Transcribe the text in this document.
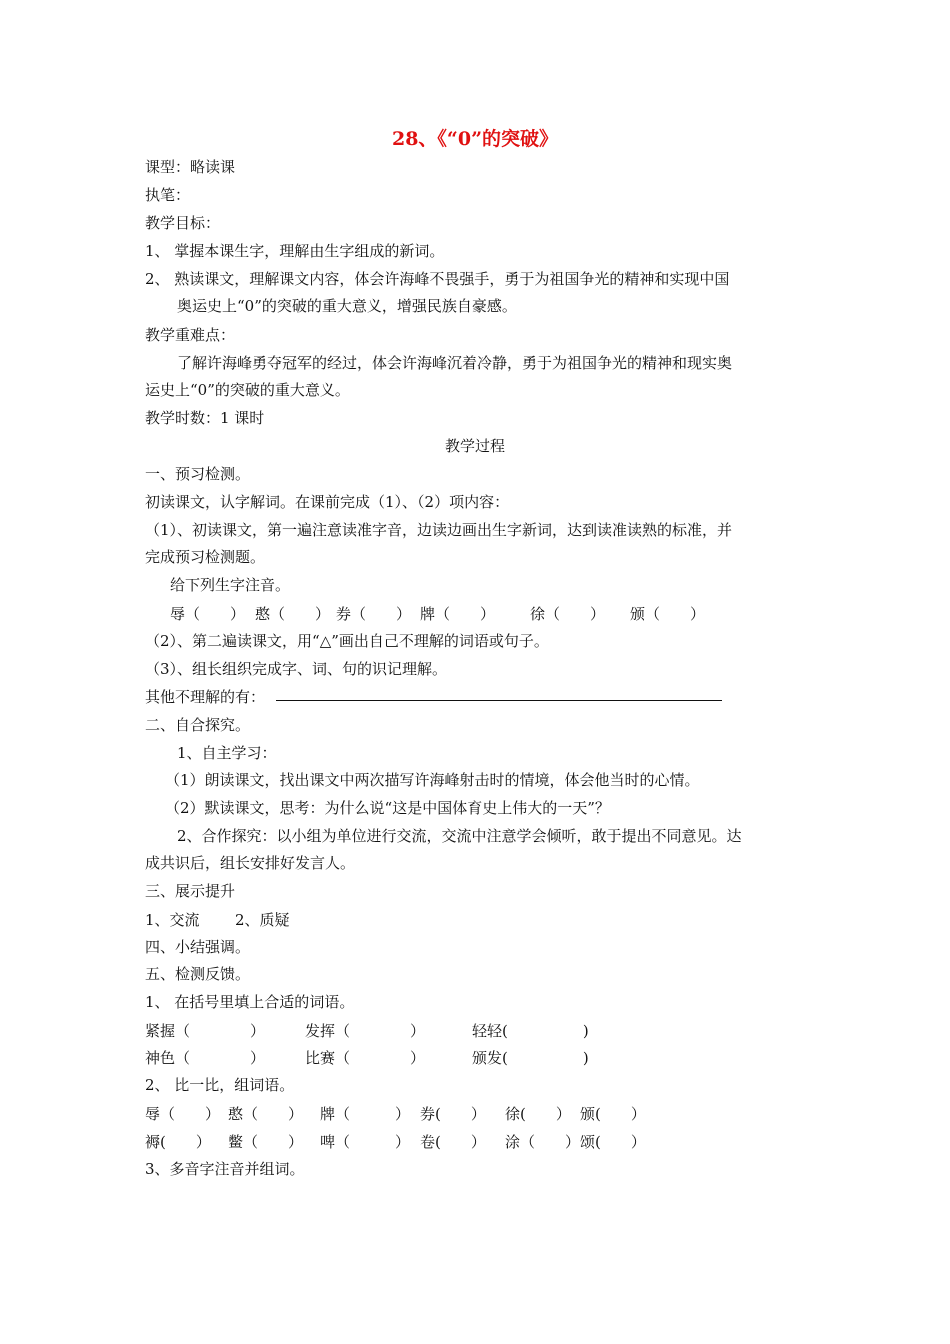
28、《“0”的突破》
课型：略读课
执笔：
教学目标：
1、 掌握本课生字，理解由生字组成的新词。
2、 熟读课文，理解课文内容，体会许海峰不畏强手，勇于为祖国争光的精神和实现中国
奥运史上“0”的突破的重大意义，增强民族自豪感。
教学重难点：
了解许海峰勇夺冠军的经过，体会许海峰沉着冷静，勇于为祖国争光的精神和现实奥
运史上“0”的突破的重大意义。
教学时数：1 课时
教学过程
一、预习检测。
初读课文，认字解词。在课前完成（1）、（2）项内容：
（1）、初读课文，第一遍注意读准字音，边读边画出生字新词，达到读准读熟的标准，并
完成预习检测题。
给下列生字注音。
辱（　　） 憨（　　） 券（　　） 牌（　　） 徐（　　） 颁（　　）
（2）、第二遍读课文，用“△”画出自己不理解的词语或句子。
（3）、组长组织完成字、词、句的识记理解。
其他不理解的有：
二、自合探究。
1、自主学习：
（1）朗读课文，找出课文中两次描写许海峰射击时的情境，体会他当时的心情。
（2）默读课文，思考：为什么说“这是中国体育史上伟大的一天”？
2、合作探究：以小组为单位进行交流，交流中注意学会倾听，敢于提出不同意见。达
成共识后，组长安排好发言人。
三、展示提升
1、交流 2、质疑
四、小结强调。
五、检测反馈。
1、 在括号里填上合适的词语。
紧握（　　　　）	发挥（　　　　）	轻轻(　　　　　)
神色（　　　　）	比赛（　　　　）	颁发(　　　　　)
2、 比一比，组词语。
辱（　　） 憨（　　） 牌（　　　） 券(　　） 徐(　　） 颁(　　）
褥(　　） 鳖（　　） 啤（　　　） 卷(　　） 涂（　　） 颂(　　）
3、多音字注音并组词。
